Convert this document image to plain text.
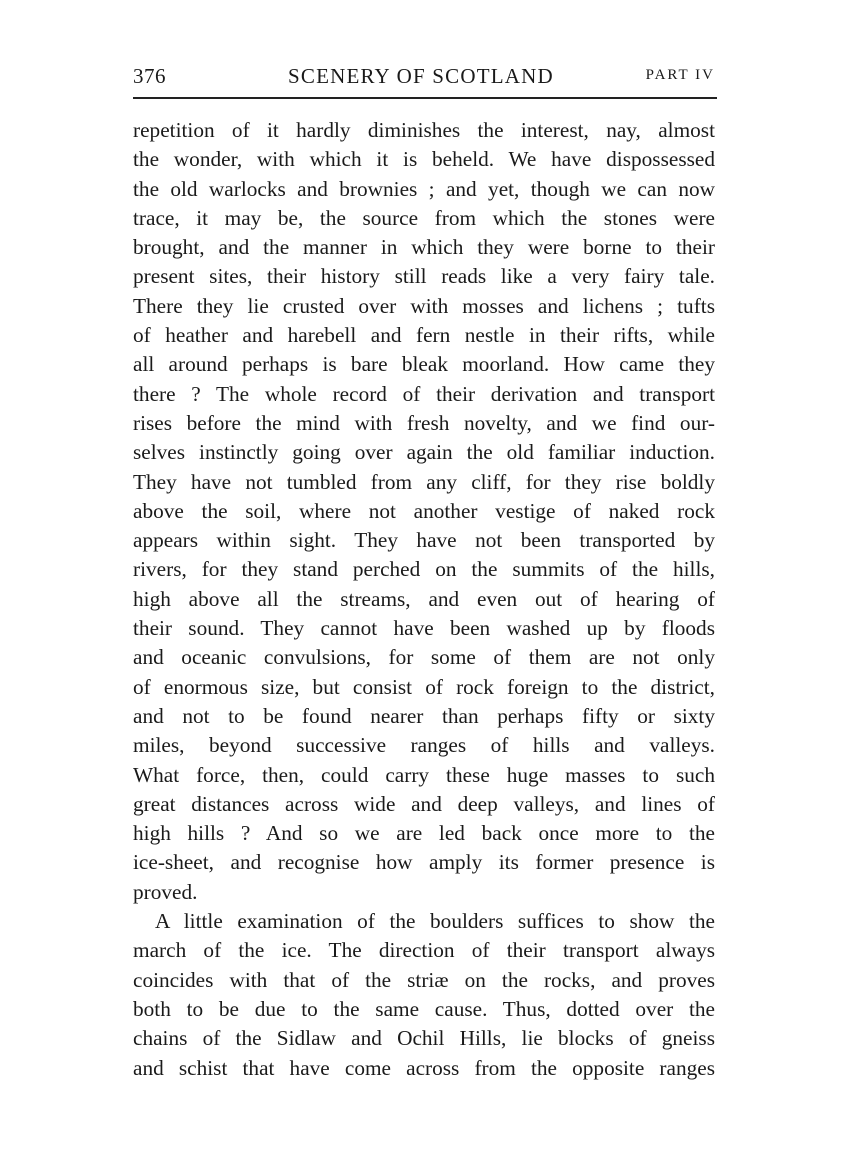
376	SCENERY OF SCOTLAND	PART IV
repetition of it hardly diminishes the interest, nay, almost
the wonder, with which it is beheld. We have dispossessed
the old warlocks and brownies ; and yet, though we can now
trace, it may be, the source from which the stones were
brought, and the manner in which they were borne to their
present sites, their history still reads like a very fairy tale.
There they lie crusted over with mosses and lichens ; tufts
of heather and harebell and fern nestle in their rifts, while
all around perhaps is bare bleak moorland. How came they
there ? The whole record of their derivation and transport
rises before the mind with fresh novelty, and we find our-
selves instinctly going over again the old familiar induction.
They have not tumbled from any cliff, for they rise boldly
above the soil, where not another vestige of naked rock
appears within sight. They have not been transported by
rivers, for they stand perched on the summits of the hills,
high above all the streams, and even out of hearing of
their sound. They cannot have been washed up by floods
and oceanic convulsions, for some of them are not only
of enormous size, but consist of rock foreign to the district,
and not to be found nearer than perhaps fifty or sixty
miles, beyond successive ranges of hills and valleys.
What force, then, could carry these huge masses to such
great distances across wide and deep valleys, and lines of
high hills ? And so we are led back once more to the
ice-sheet, and recognise how amply its former presence is
proved.
A little examination of the boulders suffices to show the
march of the ice. The direction of their transport always
coincides with that of the striæ on the rocks, and proves
both to be due to the same cause. Thus, dotted over the
chains of the Sidlaw and Ochil Hills, lie blocks of gneiss
and schist that have come across from the opposite ranges
